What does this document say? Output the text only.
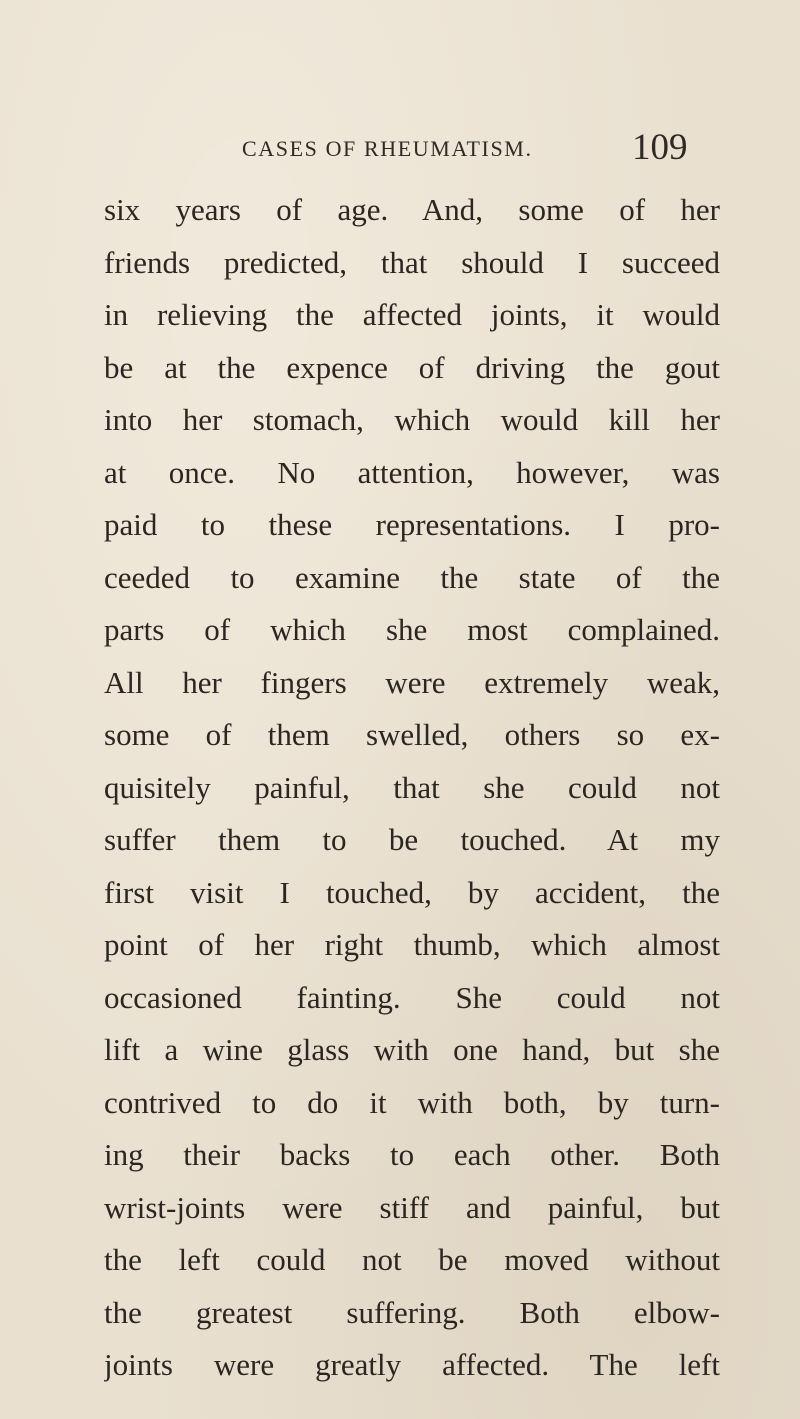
CASES OF RHEUMATISM.	109
six years of age. And, some of her
friends predicted, that should I succeed
in relieving the affected joints, it would
be at the expence of driving the gout
into her stomach, which would kill her
at once. No attention, however, was
paid to these representations. I pro-
ceeded to examine the state of the
parts of which she most complained.
All her fingers were extremely weak,
some of them swelled, others so ex-
quisitely painful, that she could not
suffer them to be touched. At my
first visit I touched, by accident, the
point of her right thumb, which almost
occasioned fainting. She could not
lift a wine glass with one hand, but she
contrived to do it with both, by turn-
ing their backs to each other. Both
wrist-joints were stiff and painful, but
the left could not be moved without
the greatest suffering. Both elbow-
joints were greatly affected. The left
